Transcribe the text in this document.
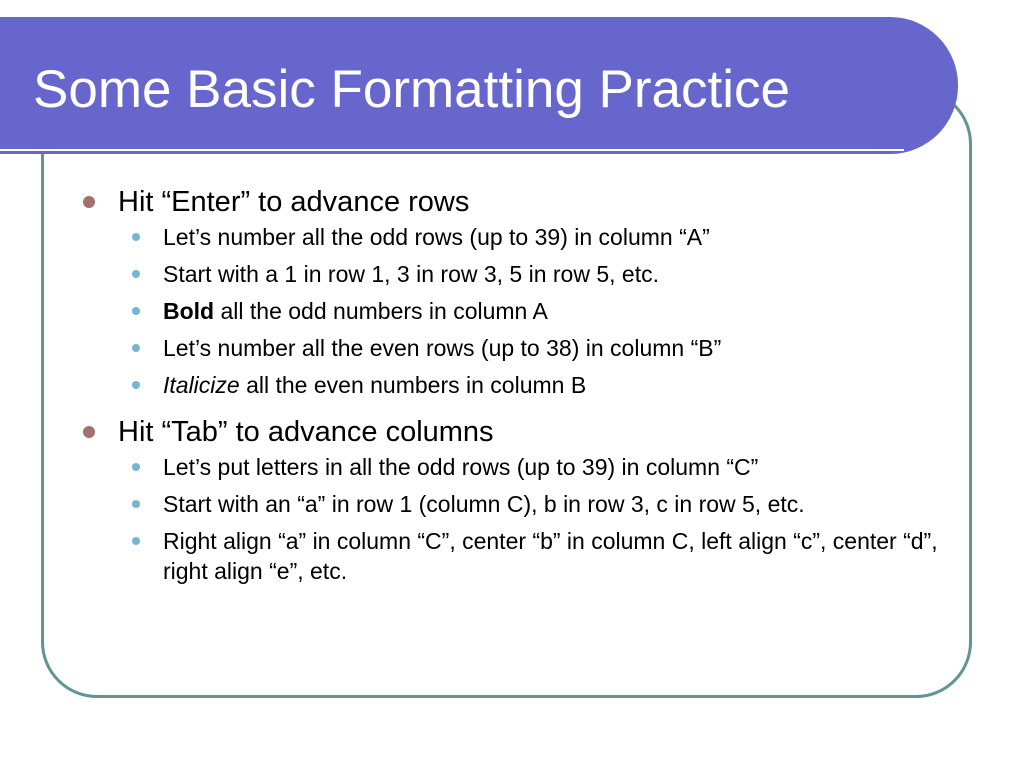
Some Basic Formatting Practice
Hit “Enter” to advance rows
Let’s number all the odd rows (up to 39) in column “A”
Start with a 1 in row 1, 3 in row 3, 5 in row 5, etc.
Bold all the odd numbers in column A
Let’s number all the even rows (up to 38) in column “B”
Italicize all the even numbers in column B
Hit “Tab” to advance columns
Let’s put letters in all the odd rows (up to 39) in column “C”
Start with an “a” in row 1 (column C), b in row 3, c in row 5, etc.
Right align “a” in column “C”, center “b” in column C, left align “c”, center “d”, right align “e”, etc.
